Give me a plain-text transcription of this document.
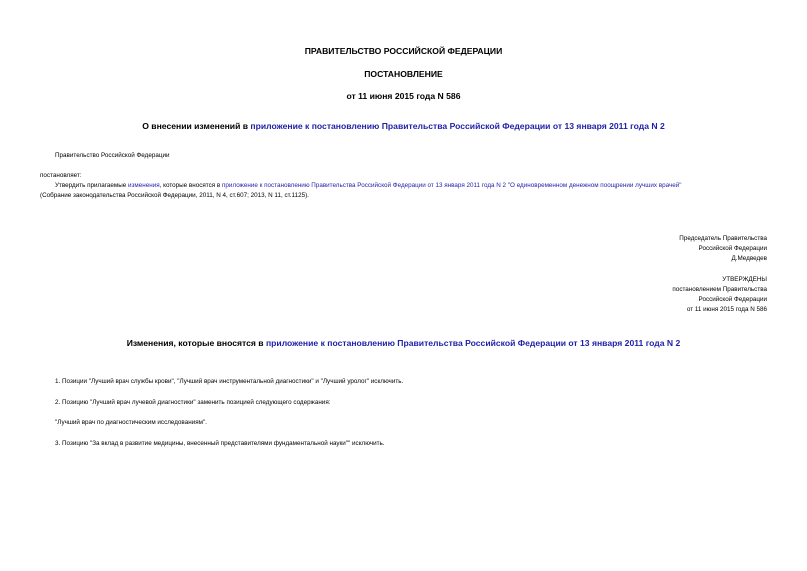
ПРАВИТЕЛЬСТВО РОССИЙСКОЙ ФЕДЕРАЦИИ
ПОСТАНОВЛЕНИЕ
от 11 июня 2015 года N 586
О внесении изменений в приложение к постановлению Правительства Российской Федерации от 13 января 2011 года N 2
Правительство Российской Федерации
постановляет:
Утвердить прилагаемые изменения, которые вносятся в приложение к постановлению Правительства Российской Федерации от 13 января 2011 года N 2 "О единовременном денежном поощрении лучших врачей"
(Собрание законодательства Российской Федерации, 2011, N 4, ст.607; 2013, N 11, ст.1125).
Председатель Правительства
Российской Федерации
Д.Медведев
УТВЕРЖДЕНЫ
постановлением Правительства
Российской Федерации
от 11 июня 2015 года N 586
Изменения, которые вносятся в приложение к постановлению Правительства Российской Федерации от 13 января 2011 года N 2
1. Позиции "Лучший врач службы крови", "Лучший врач инструментальной диагностики" и "Лучший уролог" исключить.
2. Позицию "Лучший врач лучевой диагностики" заменить позицией следующего содержания:
"Лучший врач по диагностическим исследованиям".
3. Позицию "За вклад в развитие медицины, внесенный представителями фундаментальной науки"" исключить.
